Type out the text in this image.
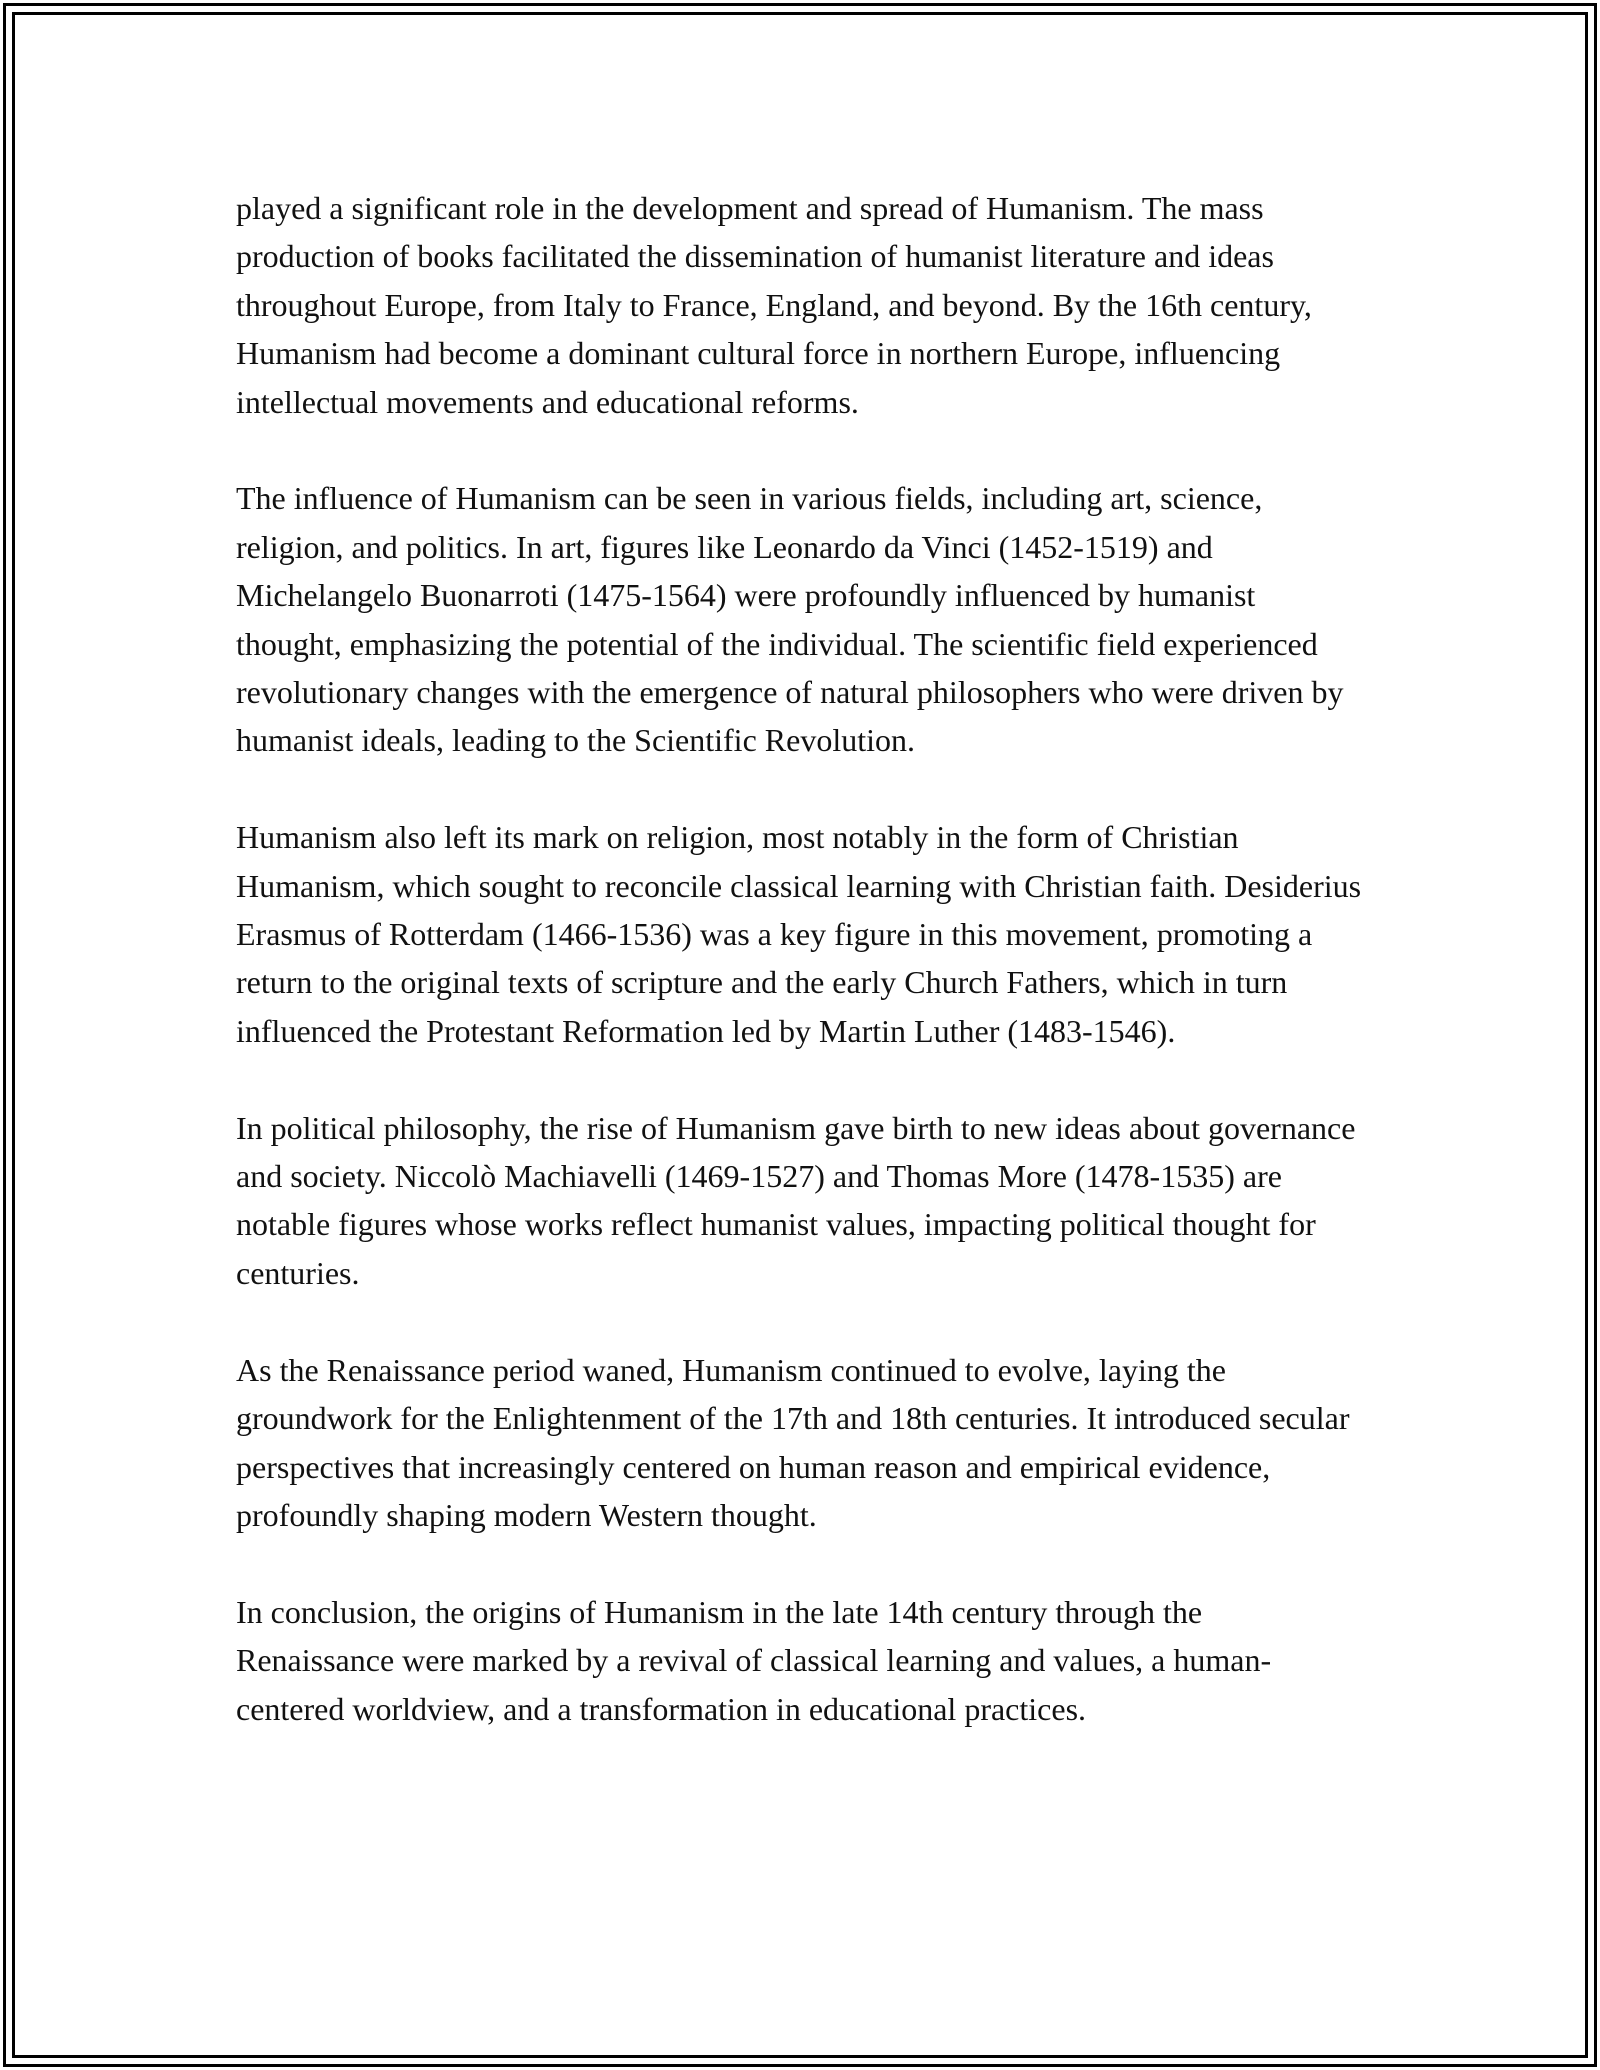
played a significant role in the development and spread of Humanism. The mass production of books facilitated the dissemination of humanist literature and ideas throughout Europe, from Italy to France, England, and beyond. By the 16th century, Humanism had become a dominant cultural force in northern Europe, influencing intellectual movements and educational reforms.

The influence of Humanism can be seen in various fields, including art, science, religion, and politics. In art, figures like Leonardo da Vinci (1452-1519) and Michelangelo Buonarroti (1475-1564) were profoundly influenced by humanist thought, emphasizing the potential of the individual. The scientific field experienced revolutionary changes with the emergence of natural philosophers who were driven by humanist ideals, leading to the Scientific Revolution.

Humanism also left its mark on religion, most notably in the form of Christian Humanism, which sought to reconcile classical learning with Christian faith. Desiderius Erasmus of Rotterdam (1466-1536) was a key figure in this movement, promoting a return to the original texts of scripture and the early Church Fathers, which in turn influenced the Protestant Reformation led by Martin Luther (1483-1546).

In political philosophy, the rise of Humanism gave birth to new ideas about governance and society. Niccolò Machiavelli (1469-1527) and Thomas More (1478-1535) are notable figures whose works reflect humanist values, impacting political thought for centuries.

As the Renaissance period waned, Humanism continued to evolve, laying the groundwork for the Enlightenment of the 17th and 18th centuries. It introduced secular perspectives that increasingly centered on human reason and empirical evidence, profoundly shaping modern Western thought.

In conclusion, the origins of Humanism in the late 14th century through the Renaissance were marked by a revival of classical learning and values, a human-centered worldview, and a transformation in educational practices.
